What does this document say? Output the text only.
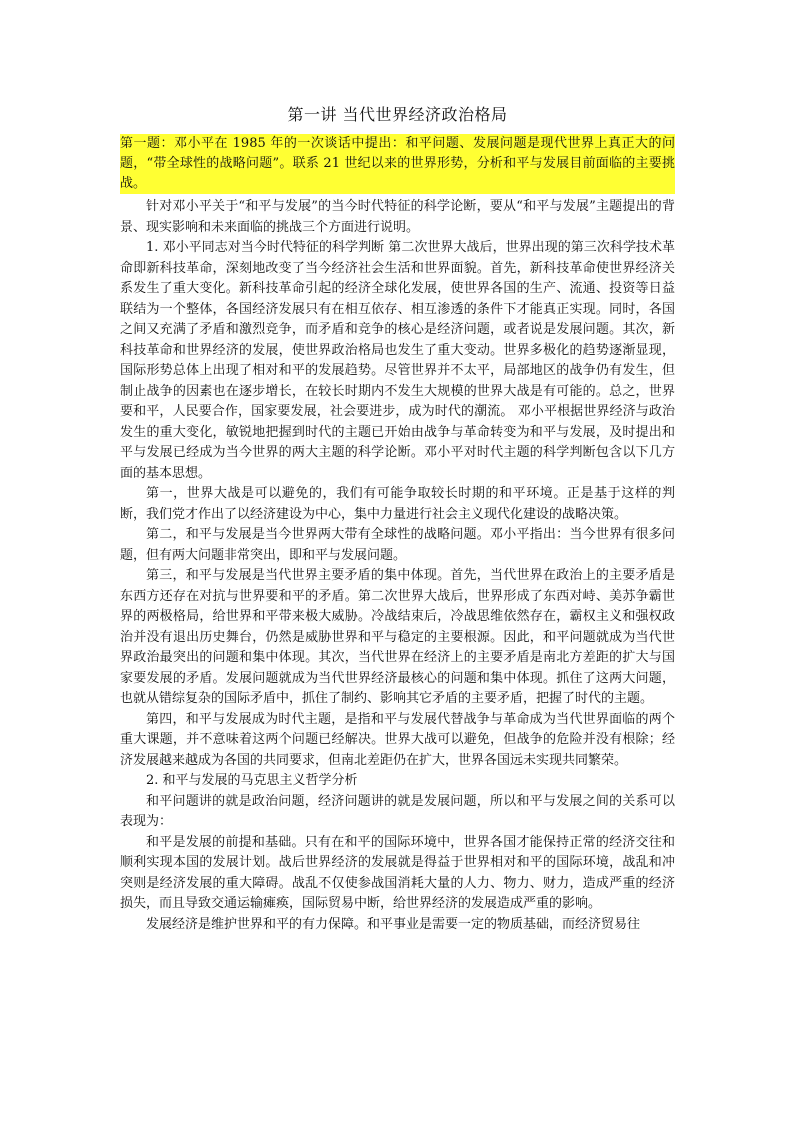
第一讲 当代世界经济政治格局

第一题：邓小平在 1985 年的一次谈话中提出：和平问题、发展问题是现代世界上真正大的问题，“带全球性的战略问题”。联系 21 世纪以来的世界形势，分析和平与发展目前面临的主要挑战。

针对邓小平关于“和平与发展”的当今时代特征的科学论断，要从“和平与发展”主题提出的背景、现实影响和未来面临的挑战三个方面进行说明。

1. 邓小平同志对当今时代特征的科学判断 第二次世界大战后，世界出现的第三次科学技术革命即新科技革命，深刻地改变了当今经济社会生活和世界面貌。首先，新科技革命使世界经济关系发生了重大变化。新科技革命引起的经济全球化发展，使世界各国的生产、流通、投资等日益联结为一个整体，各国经济发展只有在相互依存、相互渗透的条件下才能真正实现。同时，各国之间又充满了矛盾和激烈竞争，而矛盾和竞争的核心是经济问题，或者说是发展问题。其次，新科技革命和世界经济的发展，使世界政治格局也发生了重大变动。世界多极化的趋势逐渐显现，国际形势总体上出现了相对和平的发展趋势。尽管世界并不太平，局部地区的战争仍有发生，但制止战争的因素也在逐步增长，在较长时期内不发生大规模的世界大战是有可能的。总之，世界要和平，人民要合作，国家要发展，社会要进步，成为时代的潮流。 邓小平根据世界经济与政治发生的重大变化，敏锐地把握到时代的主题已开始由战争与革命转变为和平与发展，及时提出和平与发展已经成为当今世界的两大主题的科学论断。邓小平对时代主题的科学判断包含以下几方面的基本思想。

第一，世界大战是可以避免的，我们有可能争取较长时期的和平环境。正是基于这样的判断，我们党才作出了以经济建设为中心，集中力量进行社会主义现代化建设的战略决策。

第二，和平与发展是当今世界两大带有全球性的战略问题。邓小平指出：当今世界有很多问题，但有两大问题非常突出，即和平与发展问题。

第三，和平与发展是当代世界主要矛盾的集中体现。首先，当代世界在政治上的主要矛盾是东西方还存在对抗与世界要和平的矛盾。第二次世界大战后，世界形成了东西对峙、美苏争霸世界的两极格局，给世界和平带来极大威胁。冷战结束后，冷战思维依然存在，霸权主义和强权政治并没有退出历史舞台，仍然是威胁世界和平与稳定的主要根源。因此，和平问题就成为当代世界政治最突出的问题和集中体现。其次，当代世界在经济上的主要矛盾是南北方差距的扩大与国家要发展的矛盾。发展问题就成为当代世界经济最核心的问题和集中体现。抓住了这两大问题，也就从错综复杂的国际矛盾中，抓住了制约、影响其它矛盾的主要矛盾，把握了时代的主题。

第四，和平与发展成为时代主题，是指和平与发展代替战争与革命成为当代世界面临的两个重大课题，并不意味着这两个问题已经解决。世界大战可以避免，但战争的危险并没有根除；经济发展越来越成为各国的共同要求，但南北差距仍在扩大，世界各国远未实现共同繁荣。

2. 和平与发展的马克思主义哲学分析

和平问题讲的就是政治问题，经济问题讲的就是发展问题，所以和平与发展之间的关系可以表现为：

和平是发展的前提和基础。只有在和平的国际环境中，世界各国才能保持正常的经济交往和顺利实现本国的发展计划。战后世界经济的发展就是得益于世界相对和平的国际环境，战乱和冲突则是经济发展的重大障碍。战乱不仅使参战国消耗大量的人力、物力、财力，造成严重的经济损失，而且导致交通运输瘫痪，国际贸易中断，给世界经济的发展造成严重的影响。

发展经济是维护世界和平的有力保障。和平事业是需要一定的物质基础，而经济贸易往
